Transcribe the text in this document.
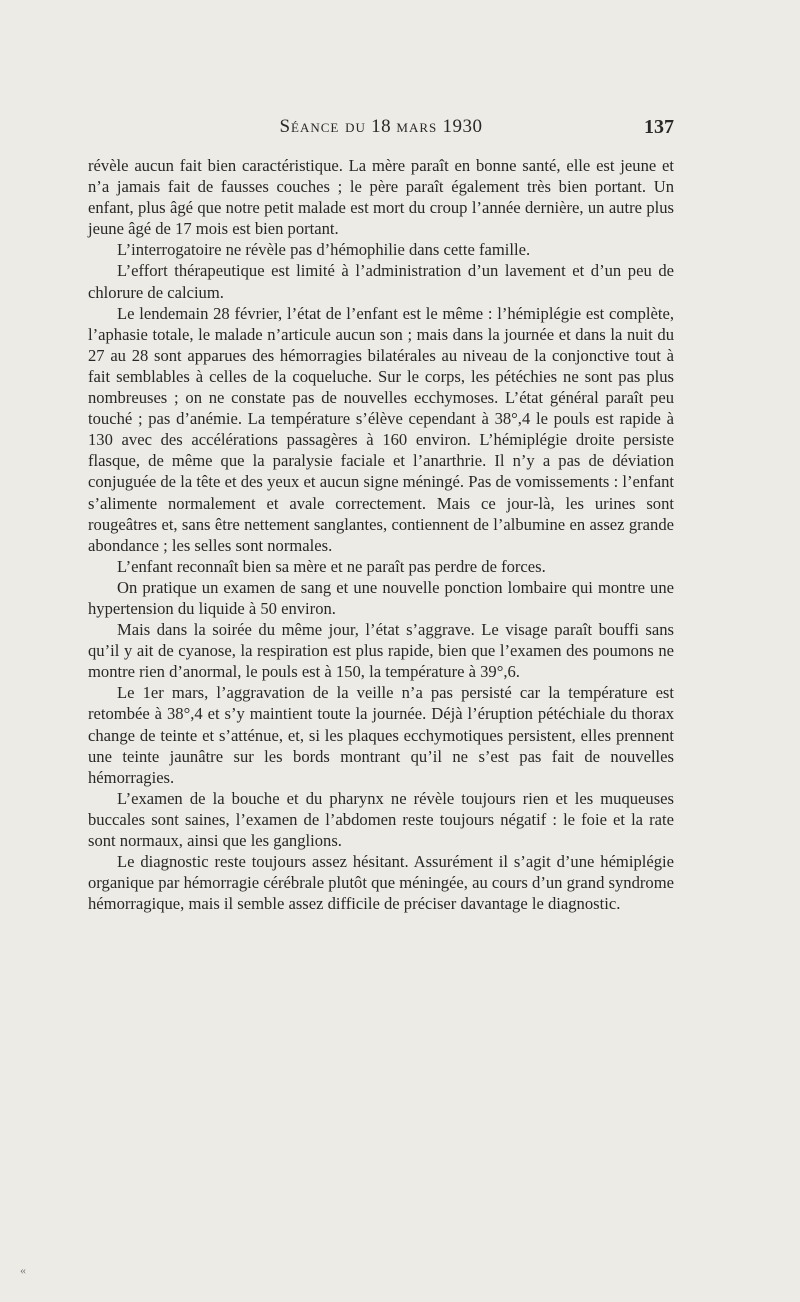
Séance du 18 mars 1930	137

révèle aucun fait bien caractéristique. La mère paraît en bonne santé, elle est jeune et n’a jamais fait de fausses couches ; le père paraît également très bien portant. Un enfant, plus âgé que notre petit malade est mort du croup l’année dernière, un autre plus jeune âgé de 17 mois est bien portant.

L’interrogatoire ne révèle pas d’hémophilie dans cette famille.

L’effort thérapeutique est limité à l’administration d’un lavement et d’un peu de chlorure de calcium.

Le lendemain 28 février, l’état de l’enfant est le même : l’hémiplégie est complète, l’aphasie totale, le malade n’articule aucun son ; mais dans la journée et dans la nuit du 27 au 28 sont apparues des hémorragies bilatérales au niveau de la conjonctive tout à fait semblables à celles de la coqueluche. Sur le corps, les pétéchies ne sont pas plus nombreuses ; on ne constate pas de nouvelles ecchymoses. L’état général paraît peu touché ; pas d’anémie. La température s’élève cependant à 38°,4 le pouls est rapide à 130 avec des accélérations passagères à 160 environ. L’hémiplégie droite persiste flasque, de même que la paralysie faciale et l’anarthrie. Il n’y a pas de déviation conjuguée de la tête et des yeux et aucun signe méningé. Pas de vomissements : l’enfant s’alimente normalement et avale correctement. Mais ce jour-là, les urines sont rougeâtres et, sans être nettement sanglantes, contiennent de l’albumine en assez grande abondance ; les selles sont normales.

L’enfant reconnaît bien sa mère et ne paraît pas perdre de forces.

On pratique un examen de sang et une nouvelle ponction lombaire qui montre une hypertension du liquide à 50 environ.

Mais dans la soirée du même jour, l’état s’aggrave. Le visage paraît bouffi sans qu’il y ait de cyanose, la respiration est plus rapide, bien que l’examen des poumons ne montre rien d’anormal, le pouls est à 150, la température à 39°,6.

Le 1er mars, l’aggravation de la veille n’a pas persisté car la température est retombée à 38°,4 et s’y maintient toute la journée. Déjà l’éruption pétéchiale du thorax change de teinte et s’atténue, et, si les plaques ecchymotiques persistent, elles prennent une teinte jaunâtre sur les bords montrant qu’il ne s’est pas fait de nouvelles hémorragies.

L’examen de la bouche et du pharynx ne révèle toujours rien et les muqueuses buccales sont saines, l’examen de l’abdomen reste toujours négatif : le foie et la rate sont normaux, ainsi que les ganglions.

Le diagnostic reste toujours assez hésitant. Assurément il s’agit d’une hémiplégie organique par hémorragie cérébrale plutôt que méningée, au cours d’un grand syndrome hémorragique, mais il semble assez difficile de préciser davantage le diagnostic.

«
